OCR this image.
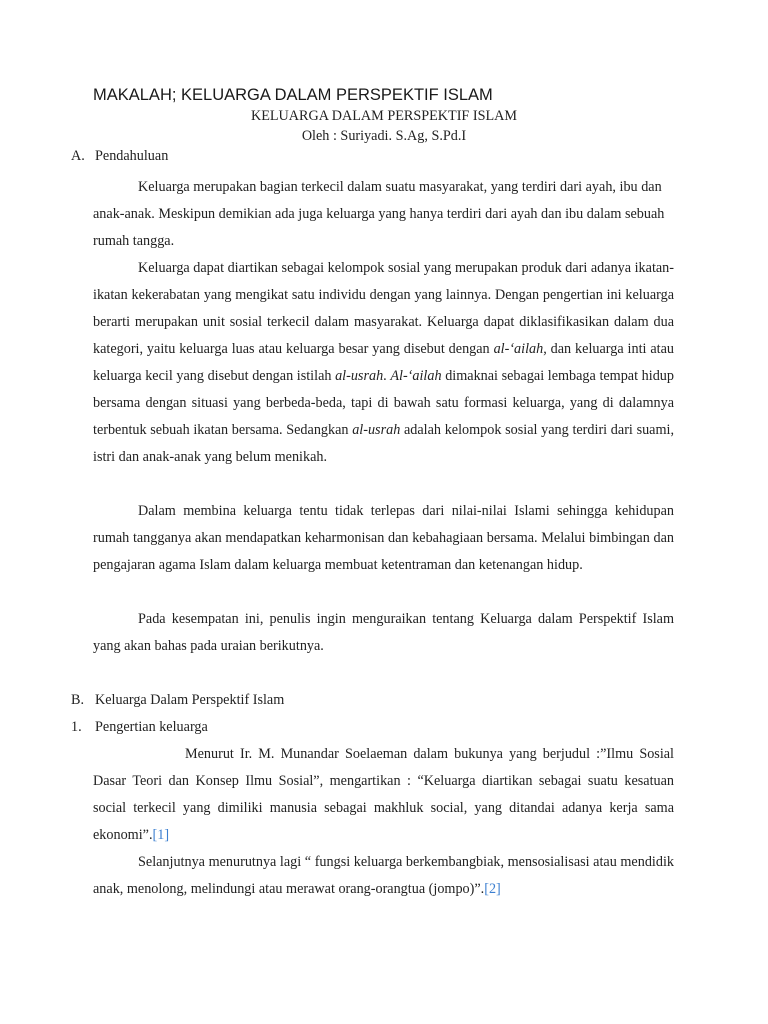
MAKALAH; KELUARGA DALAM PERSPEKTIF ISLAM
KELUARGA DALAM PERSPEKTIF ISLAM
Oleh : Suriyadi. S.Ag, S.Pd.I
A. Pendahuluan

Keluarga merupakan bagian terkecil dalam suatu masyarakat, yang terdiri dari ayah, ibu dan anak-anak. Meskipun demikian ada juga keluarga yang hanya terdiri dari ayah dan ibu dalam sebuah rumah tangga.

Keluarga dapat diartikan sebagai kelompok sosial yang merupakan produk dari adanya ikatan-ikatan kekerabatan yang mengikat satu individu dengan yang lainnya. Dengan pengertian ini keluarga berarti merupakan unit sosial terkecil dalam masyarakat. Keluarga dapat diklasifikasikan dalam dua kategori, yaitu keluarga luas atau keluarga besar yang disebut dengan al-‘ailah, dan keluarga inti atau keluarga kecil yang disebut dengan istilah al-usrah. Al-‘ailah dimaknai sebagai lembaga tempat hidup bersama dengan situasi yang berbeda-beda, tapi di bawah satu formasi keluarga, yang di dalamnya terbentuk sebuah ikatan bersama. Sedangkan al-usrah adalah kelompok sosial yang terdiri dari suami, istri dan anak-anak yang belum menikah.

Dalam membina keluarga tentu tidak terlepas dari nilai-nilai Islami sehingga kehidupan rumah tangganya akan mendapatkan keharmonisan dan kebahagiaan bersama. Melalui bimbingan dan pengajaran agama Islam dalam keluarga membuat ketentraman dan ketenangan hidup.

Pada kesempatan ini, penulis ingin menguraikan tentang Keluarga dalam Perspektif Islam yang akan bahas pada uraian berikutnya.

B. Keluarga Dalam Perspektif Islam
1. Pengertian keluarga

Menurut Ir. M. Munandar Soelaeman dalam bukunya yang berjudul :”Ilmu Sosial Dasar Teori dan Konsep Ilmu Sosial”, mengartikan : “Keluarga diartikan sebagai suatu kesatuan social terkecil yang dimiliki manusia sebagai makhluk social, yang ditandai adanya kerja sama ekonomi”.[1]

Selanjutnya menurutnya lagi “ fungsi keluarga berkembangbiak, mensosialisasi atau mendidik anak, menolong, melindungi atau merawat orang-orangtua (jompo)”.[2]
